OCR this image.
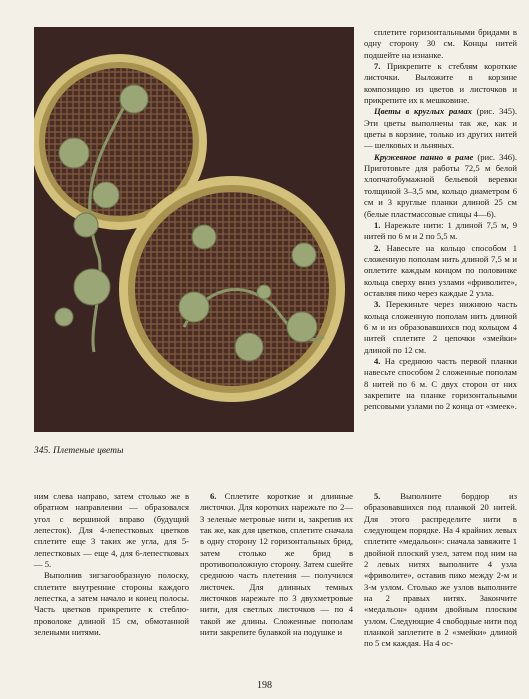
345. Плетеные цветы

сплетите горизонтальными бридами в одну сторону 30 см. Концы нитей подшейте на изнанке.

7. Прикрепите к стеблям короткие листочки. Выложите в корзине композицию из цветов и листочков и прикрепите их к мешковине.

Цветы в круглых рамах (рис. 345). Эти цветы выполнены так же, как и цветы в корзине, только из других нитей — шелковых и льняных.

Кружевное панно в раме (рис. 346). Приготовьте для работы 72,5 м белой хлопчатобумажной бельевой веревки толщиной 3–3,5 мм, кольцо диаметром 6 см и 3 круглые планки длиной 25 см (белые пластмассовые спицы 4—6).

1. Нарежьте нити: 1 длиной 7,5 м, 9 нитей по 6 м и 2 по 5,5 м.

2. Навесьте на кольцо способом 1 сложенную пополам нить длиной 7,5 м и оплетите каждым концом по половинке кольца сверху вниз узлами «фриволите», оставляя пико через каждые 2 узла.

3. Перекиньте через нижнюю часть кольца сложенную пополам нить длиной 6 м и из образовавшихся под кольцом 4 нитей сплетите 2 цепочки «змейки» длиной по 12 см.

4. На среднюю часть первой планки навесьте способом 2 сложенные пополам 8 нитей по 6 м. С двух сторон от них закрепите на планке горизонтальными репсовыми узлами по 2 конца от «змеек».

ним слева направо, затем столько же в обратном направлении — образовался угол с вершиной вправо (будущий лепесток). Для 4-лепестковых цветков сплетите еще 3 таких же угла, для 5-лепестковых — еще 4, для 6-лепестковых — 5.

Выполнив зигзагообразную полоску, сплетите внутренние стороны каждого лепестка, а затем начало и конец полосы. Часть цветков прикрепите к стеблю-проволоке длиной 15 см, обмотанной зелеными нитями.

6. Сплетите короткие и длинные листочки. Для коротких нарежьте по 2—3 зеленые метровые нити и, закрепив их так же, как для цветков, сплетите сначала в одну сторону 12 горизонтальных брид, затем столько же брид в противоположную сторону. Затем сшейте среднюю часть плетения — получился листочек. Для длинных темных листочков нарежьте по 3 двухметровые нити, для светлых листочков — по 4 такой же длины. Сложенные пополам нити закрепите булавкой на подушке и

5. Выполните бордюр из образовавшихся под планкой 20 нитей. Для этого распределите нити в следующем порядке. На 4 крайних левых сплетите «медальон»: сначала завяжите 1 двойной плоский узел, затем под ним на 2 левых нитях выполните 4 узла «фриволите», оставив пико между 2-м и 3-м узлом. Столько же узлов выполните на 2 правых нитях. Закончите «медальон» одним двойным плоским узлом. Следующие 4 свободные нити под планкой заплетите в 2 «змейки» длиной по 5 см каждая. На 4 ос-

198
